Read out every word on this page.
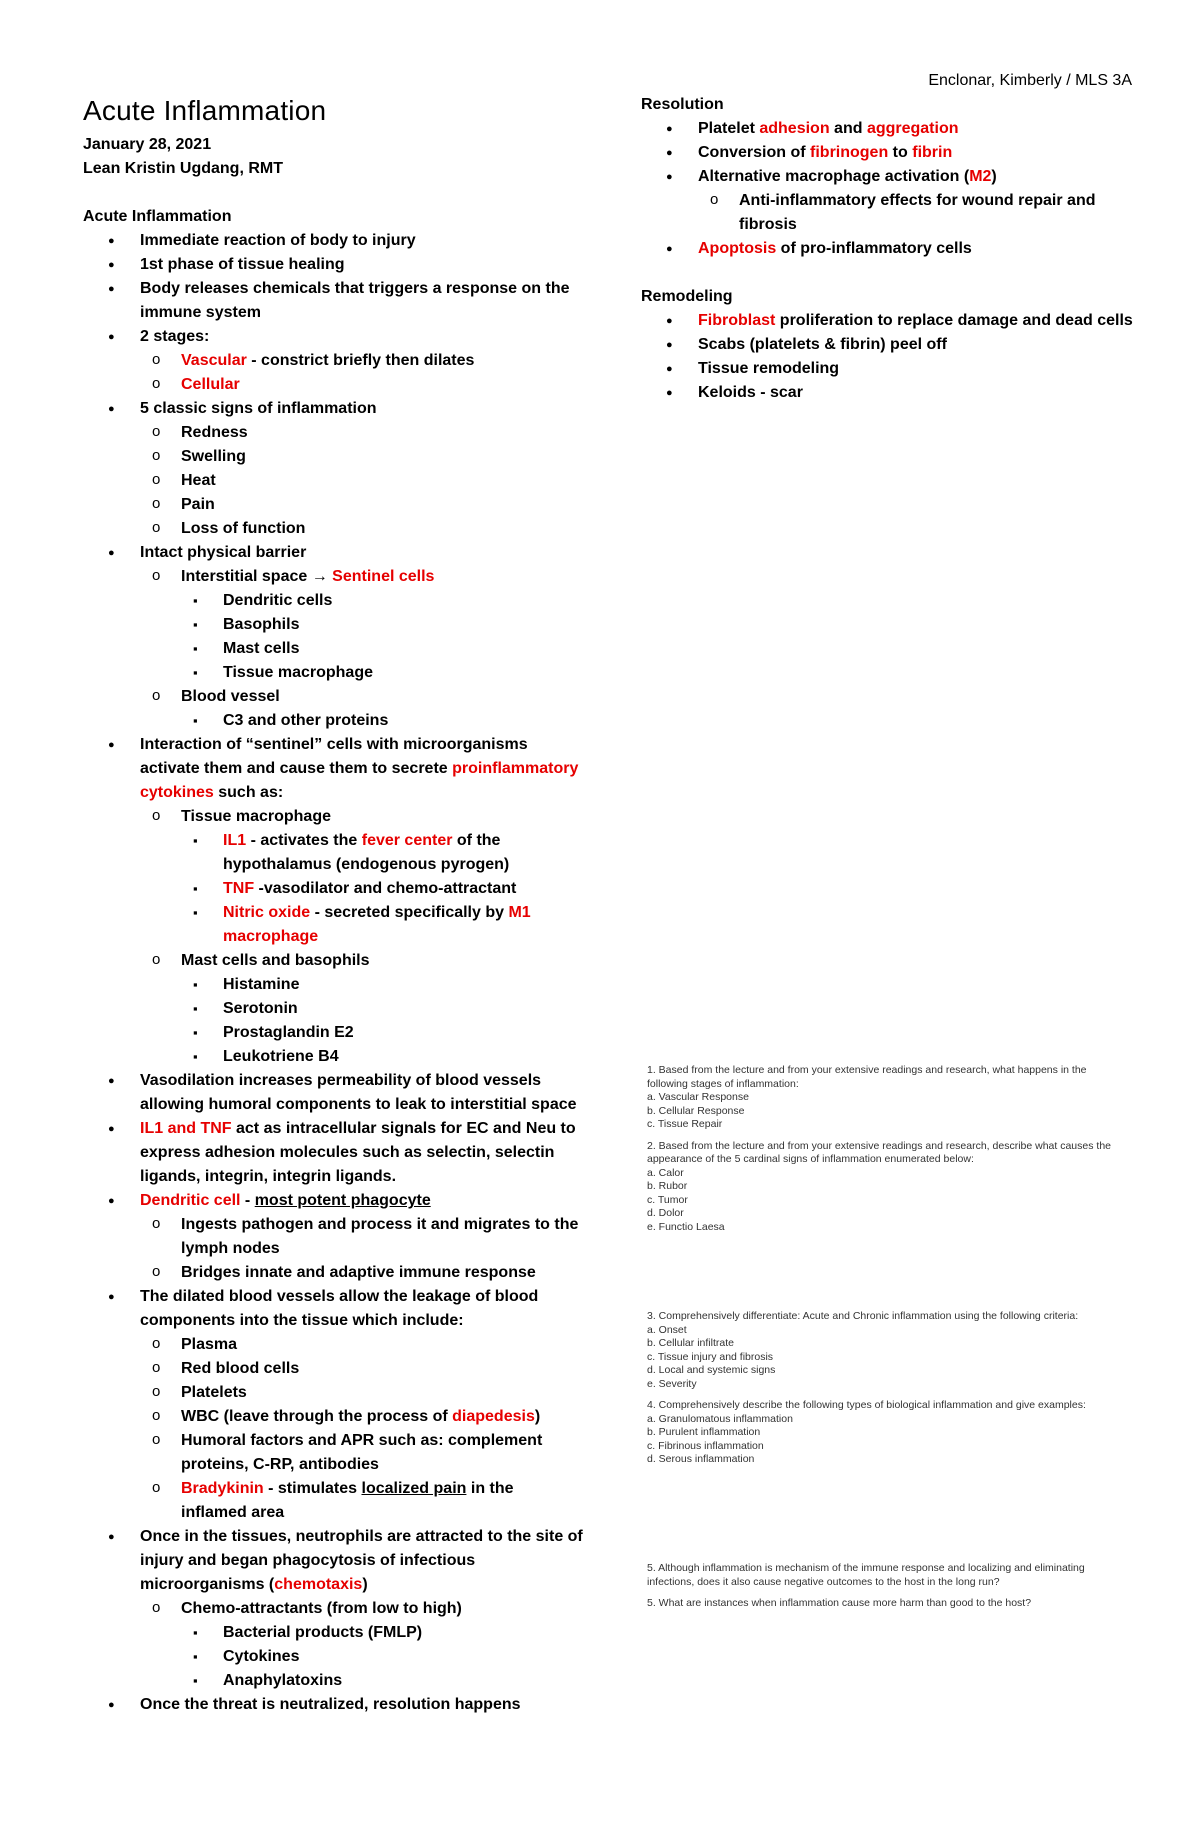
Enclonar, Kimberly / MLS 3A
Acute Inflammation
January 28, 2021
Lean Kristin Ugdang, RMT
Acute Inflammation
● Immediate reaction of body to injury
● 1st phase of tissue healing
● Body releases chemicals that triggers a response on the immune system
● 2 stages:
o Vascular - constrict briefly then dilates
o Cellular
● 5 classic signs of inflammation
o Redness
o Swelling
o Heat
o Pain
o Loss of function
● Intact physical barrier
o Interstitial space → Sentinel cells
▪ Dendritic cells
▪ Basophils
▪ Mast cells
▪ Tissue macrophage
o Blood vessel
▪ C3 and other proteins
● Interaction of “sentinel” cells with microorganisms activate them and cause them to secrete proinflammatory cytokines such as:
o Tissue macrophage
▪ IL1 - activates the fever center of the hypothalamus (endogenous pyrogen)
▪ TNF -vasodilator and chemo-attractant
▪ Nitric oxide - secreted specifically by M1 macrophage
o Mast cells and basophils
▪ Histamine
▪ Serotonin
▪ Prostaglandin E2
▪ Leukotriene B4
● Vasodilation increases permeability of blood vessels allowing humoral components to leak to interstitial space
● IL1 and TNF act as intracellular signals for EC and Neu to express adhesion molecules such as selectin, selectin ligands, integrin, integrin ligands.
● Dendritic cell - most potent phagocyte
o Ingests pathogen and process it and migrates to the lymph nodes
o Bridges innate and adaptive immune response
● The dilated blood vessels allow the leakage of blood components into the tissue which include:
o Plasma
o Red blood cells
o Platelets
o WBC (leave through the process of diapedesis)
o Humoral factors and APR such as: complement proteins, C-RP, antibodies
o Bradykinin - stimulates localized pain in the inflamed area
● Once in the tissues, neutrophils are attracted to the site of injury and began phagocytosis of infectious microorganisms (chemotaxis)
o Chemo-attractants (from low to high)
▪ Bacterial products (FMLP)
▪ Cytokines
▪ Anaphylatoxins
● Once the threat is neutralized, resolution happens
Resolution
● Platelet adhesion and aggregation
● Conversion of fibrinogen to fibrin
● Alternative macrophage activation (M2)
o Anti-inflammatory effects for wound repair and fibrosis
● Apoptosis of pro-inflammatory cells
Remodeling
● Fibroblast proliferation to replace damage and dead cells
● Scabs (platelets & fibrin) peel off
● Tissue remodeling
● Keloids - scar

1. Based from the lecture and from your extensive readings and research, what happens in the following stages of inflammation:

a. Vascular Response

b. Cellular Response

c. Tissue Repair

2. Based from the lecture and from your extensive readings and research, describe what causes the appearance of the 5 cardinal signs of inflammation enumerated below:

a. Calor

b. Rubor

c. Tumor

d. Dolor

e. Functio Laesa

3. Comprehensively differentiate: Acute and Chronic inflammation using the following criteria:

a. Onset

b. Cellular infiltrate

c. Tissue injury and fibrosis

d. Local and systemic signs

e. Severity

4. Comprehensively describe the following types of biological inflammation and give examples:

a. Granulomatous inflammation

b. Purulent inflammation

c. Fibrinous inflammation

d. Serous inflammation

5. Although inflammation is mechanism of the immune response and localizing and eliminating infections, does it also cause negative outcomes to the host in the long run?

5. What are instances when inflammation cause more harm than good to the host?
